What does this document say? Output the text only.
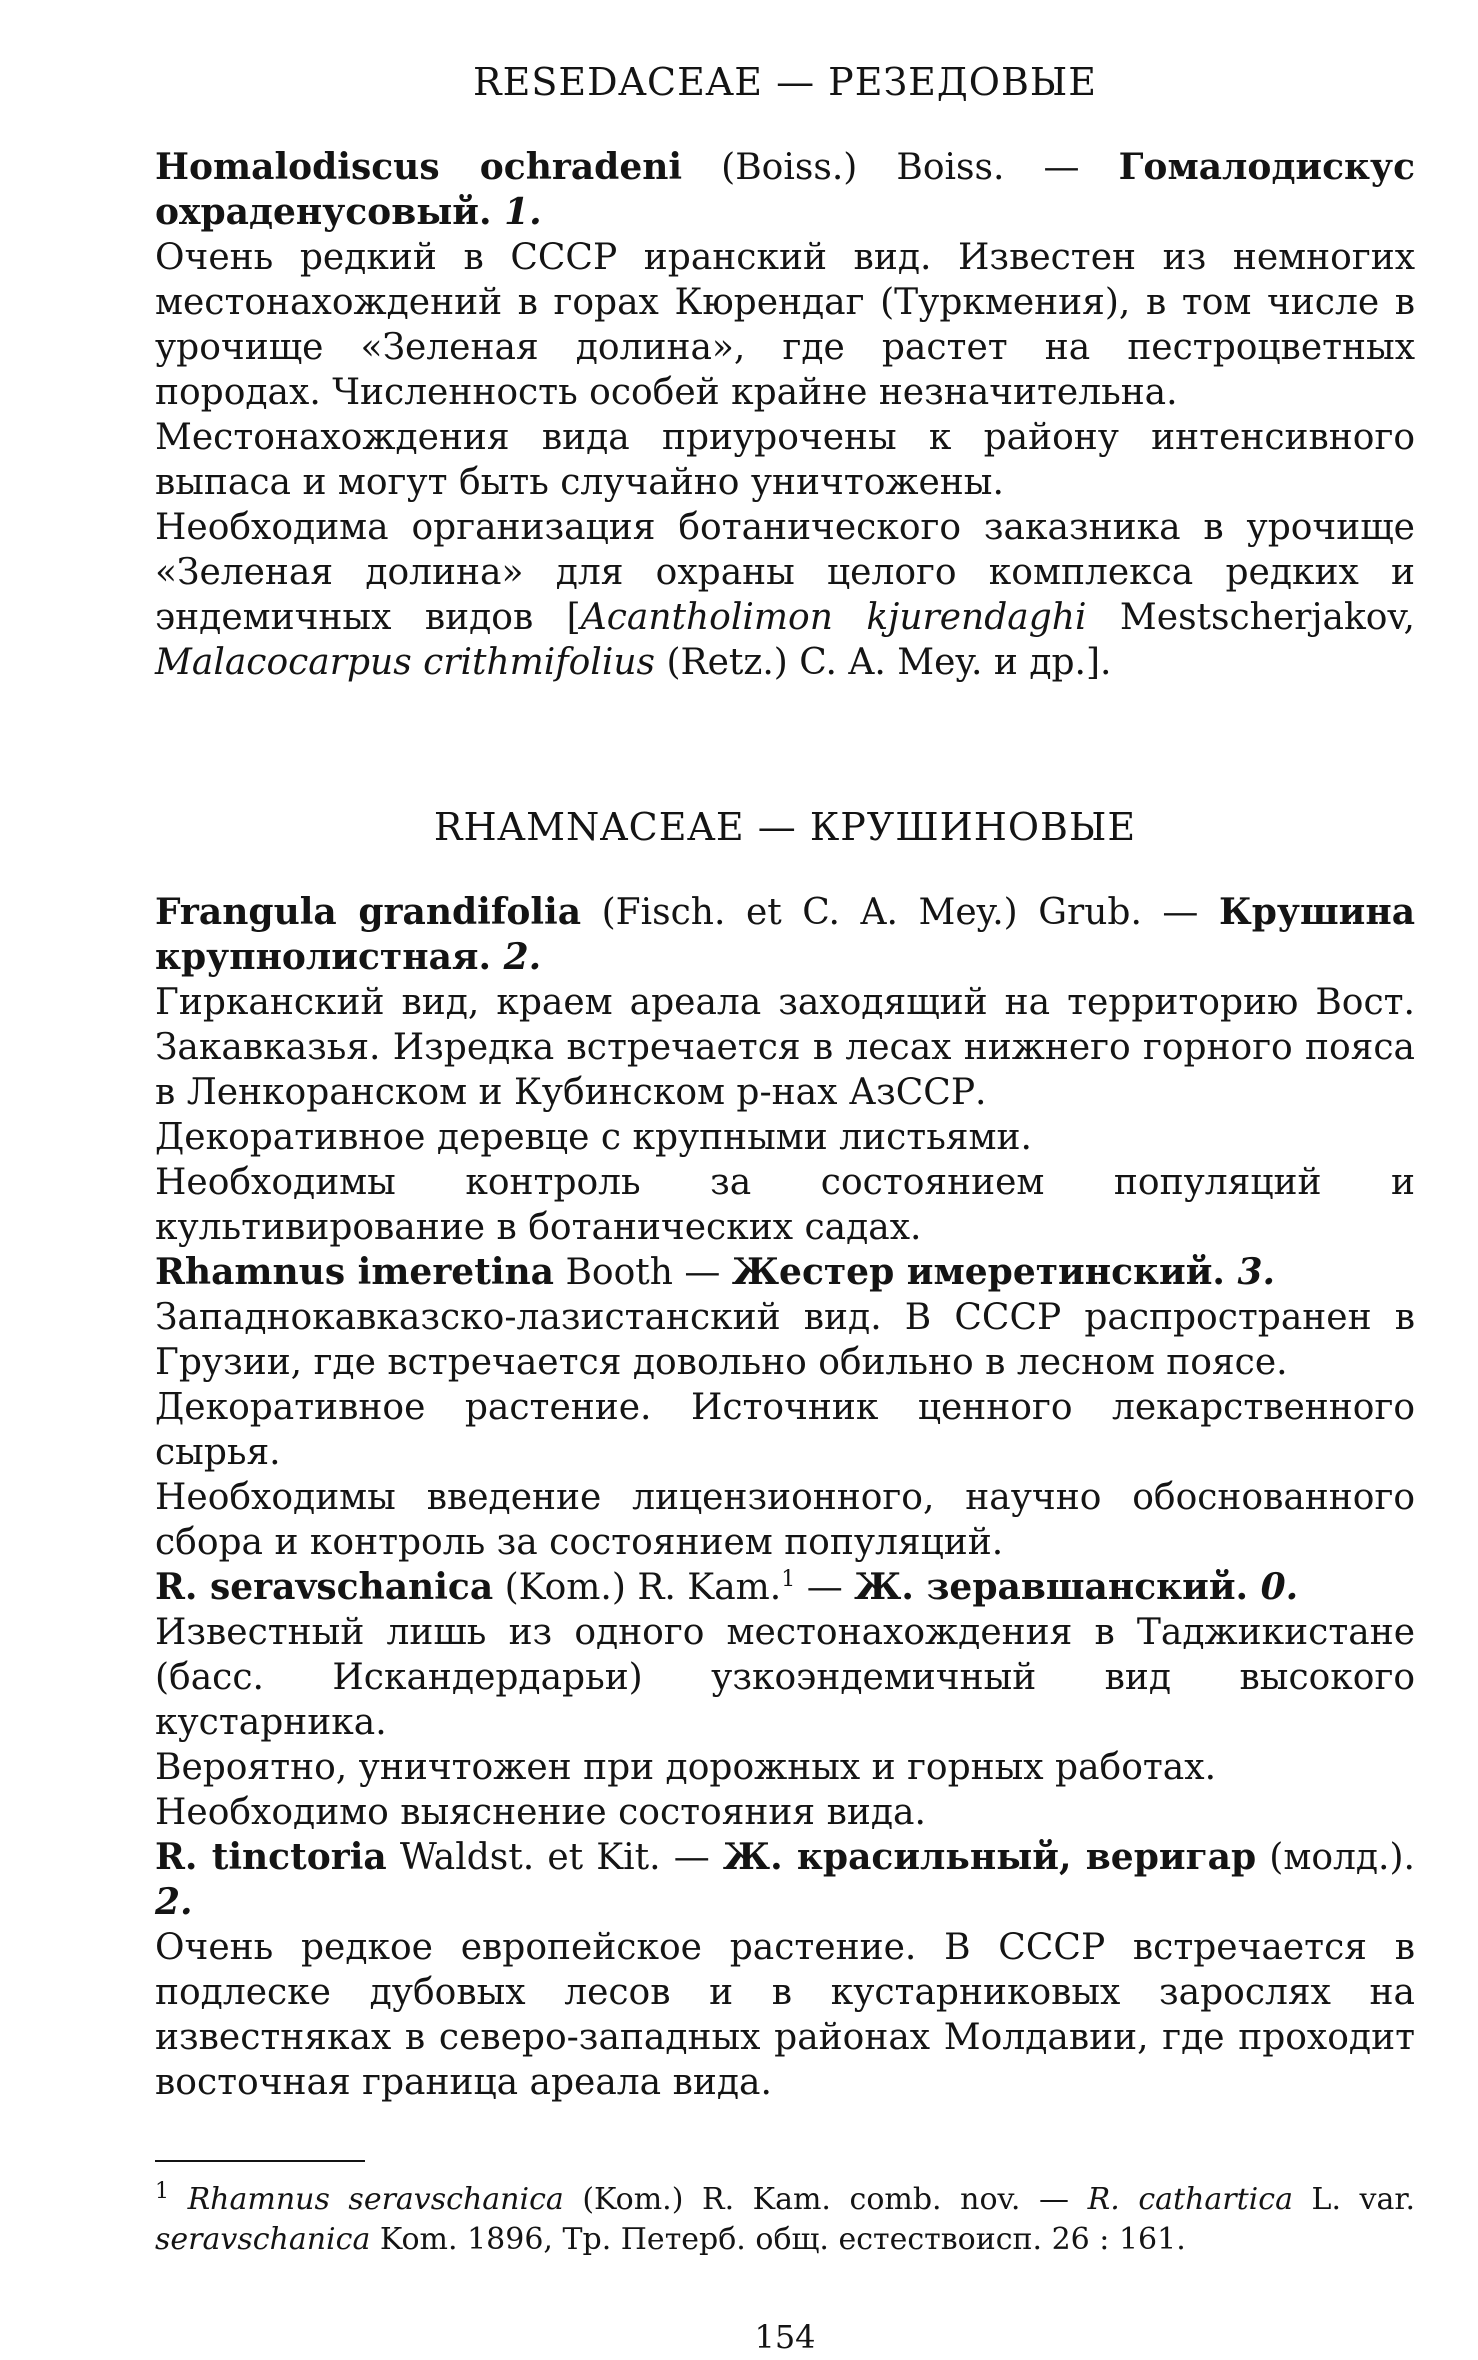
RESEDACEAE — РЕЗЕДОВЫЕ

Homalodiscus ochradeni (Boiss.) Boiss. — Гомалодискус охраденусовый. 1.

Очень редкий в СССР иранский вид. Известен из немногих местонахождений в горах Кюрендаг (Туркмения), в том числе в урочище «Зеленая долина», где растет на пестроцветных породах. Численность особей крайне незначительна.

Местонахождения вида приурочены к району интенсивного выпаса и могут быть случайно уничтожены.

Необходима организация ботанического заказника в урочище «Зеленая долина» для охраны целого комплекса редких и эндемичных видов [Acantholimon kjurendaghi Mestscherjakov, Malacocarpus crithmifolius (Retz.) C. A. Mey. и др.].

RHAMNACEAE — КРУШИНОВЫЕ

Frangula grandifolia (Fisch. et C. A. Mey.) Grub. — Крушина крупнолистная. 2.

Гирканский вид, краем ареала заходящий на территорию Вост. Закавказья. Изредка встречается в лесах нижнего горного пояса в Ленкоранском и Кубинском р-нах АзССР.

Декоративное деревце с крупными листьями.

Необходимы контроль за состоянием популяций и культивирование в ботанических садах.

Rhamnus imeretina Booth — Жестер имеретинский. 3.

Западнокавказско-лазистанский вид. В СССР распространен в Грузии, где встречается довольно обильно в лесном поясе.

Декоративное растение. Источник ценного лекарственного сырья.

Необходимы введение лицензионного, научно обоснованного сбора и контроль за состоянием популяций.

R. seravschanica (Kom.) R. Kam.$^1$ — Ж. зеравшанский. 0.

Известный лишь из одного местонахождения в Таджикистане (басс. Искандердарьи) узкоэндемичный вид высокого кустарника.

Вероятно, уничтожен при дорожных и горных работах.

Необходимо выяснение состояния вида.

R. tinctoria Waldst. et Kit. — Ж. красильный, веригар (молд.). 2.

Очень редкое европейское растение. В СССР встречается в подлеске дубовых лесов и в кустарниковых зарослях на известняках в северо-западных районах Молдавии, где проходит восточная граница ареала вида.

$^1$ Rhamnus seravschanica (Kom.) R. Kam. comb. nov. — R. cathartica L. var. seravschanica Kom. 1896, Тр. Петерб. общ. естествоисп. 26 : 161.

154
